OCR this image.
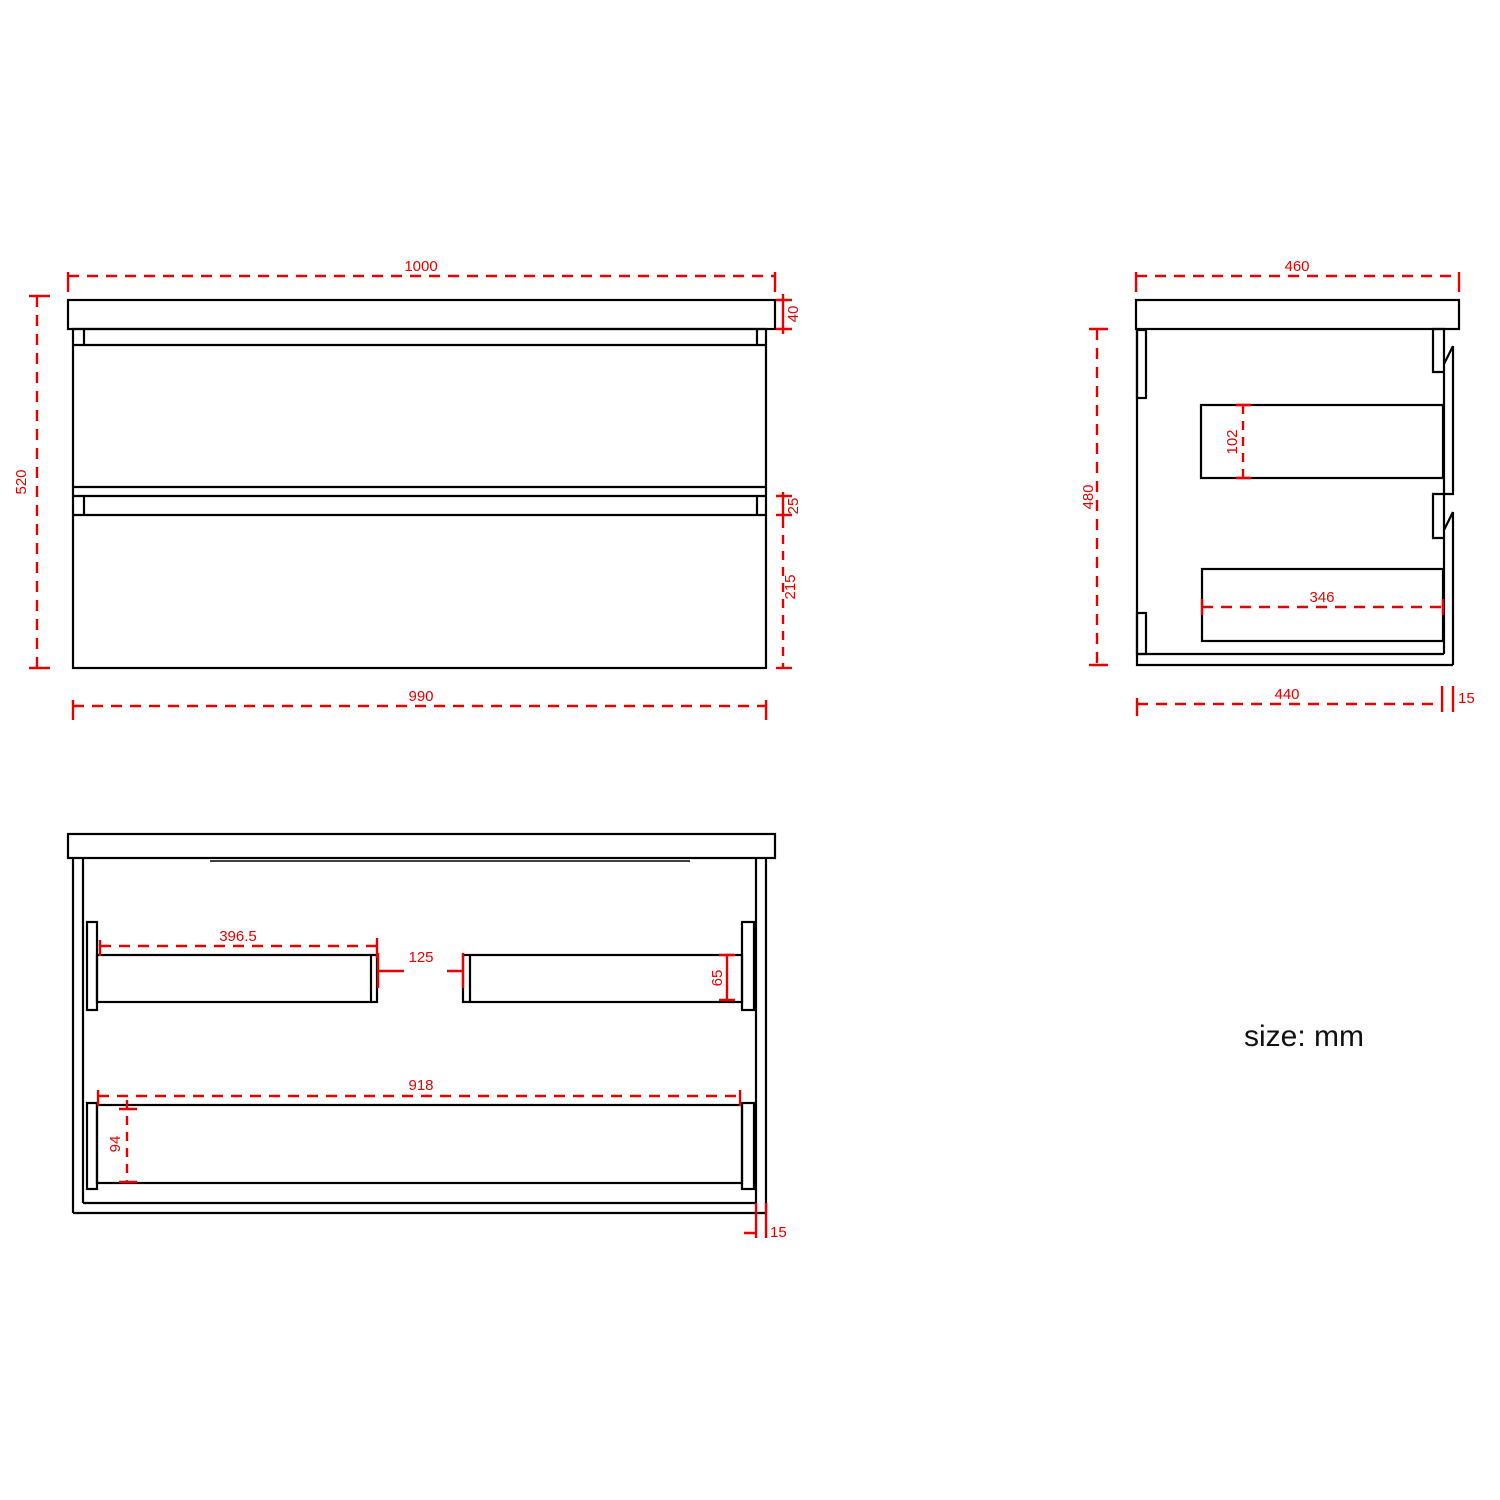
1000
520
40
25
215
990
460
480
102
346
440	15
396.5
125
65
918
94
15
size: mm
